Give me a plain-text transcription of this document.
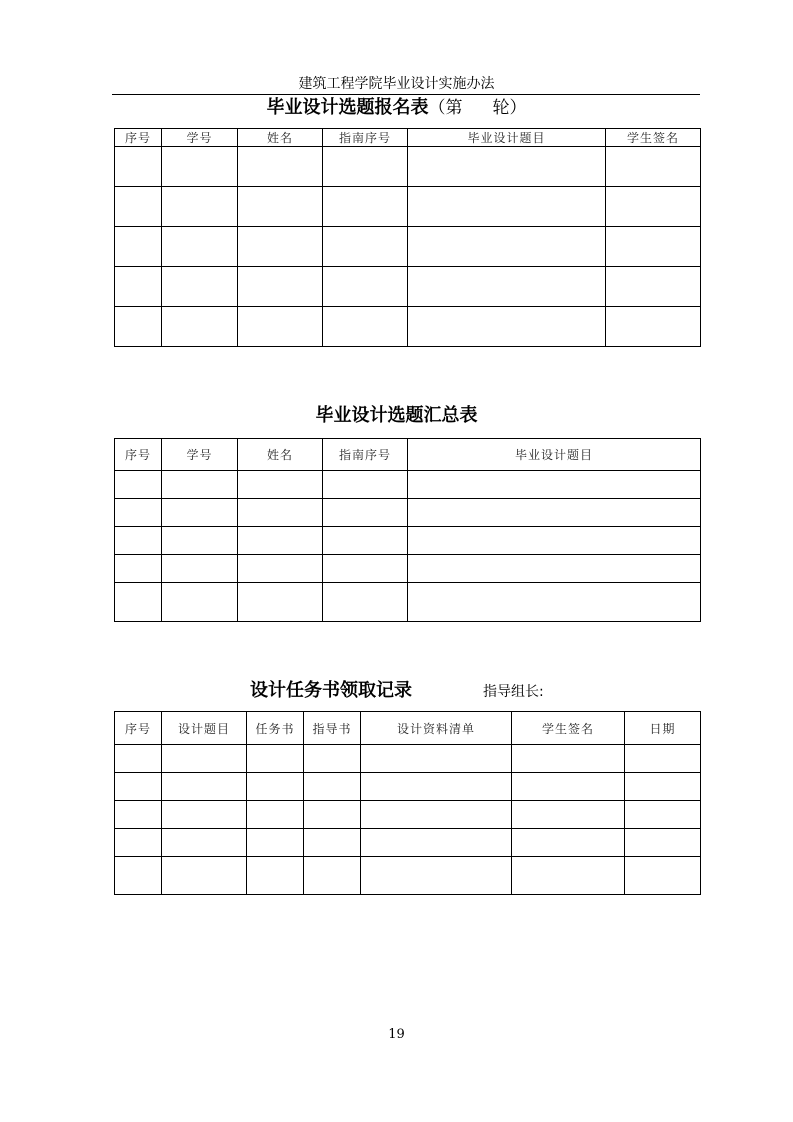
建筑工程学院毕业设计实施办法
毕业设计选题报名表（第 轮）
序号	学号	姓名	指南序号	毕业设计题目	学生签名

毕业设计选题汇总表
序号	学号	姓名	指南序号	毕业设计题目

设计任务书领取记录	指导组长:
序号	设计题目	任务书	指导书	设计资料清单	学生签名	日期

19
